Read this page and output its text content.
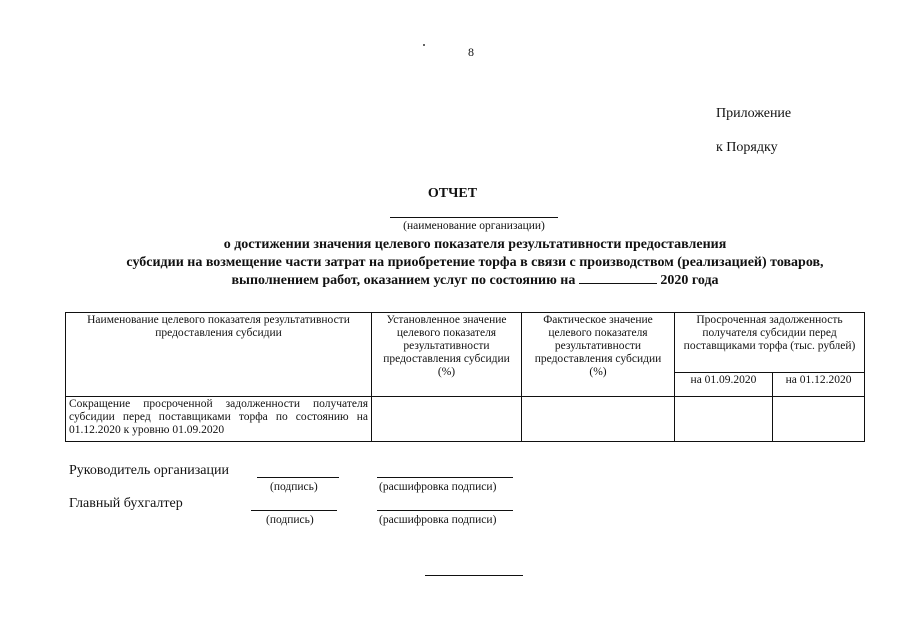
8
Приложение
к Порядку
ОТЧЕТ
(наименование организации)
о достижении значения целевого показателя результативности предоставления
субсидии на возмещение части затрат на приобретение торфа в связи с производством (реализацией) товаров,
выполнением работ, оказанием услуг по состоянию на	2020 года
Наименование целевого показателя результативности предоставления субсидии	Установленное значение целевого показателя результативности предоставления субсидии (%)	Фактическое значение целевого показателя результативности предоставления субсидии (%)	Просроченная задолженность получателя субсидии перед поставщиками торфа (тыс. рублей)	
			на 01.09.2020	на 01.12.2020
Сокращение просроченной задолженности получателя субсидии перед поставщиками торфа по состоянию на 01.12.2020 к уровню 01.09.2020				
Руководитель организации
(подпись)	(расшифровка подписи)
Главный бухгалтер
(подпись)	(расшифровка подписи)
